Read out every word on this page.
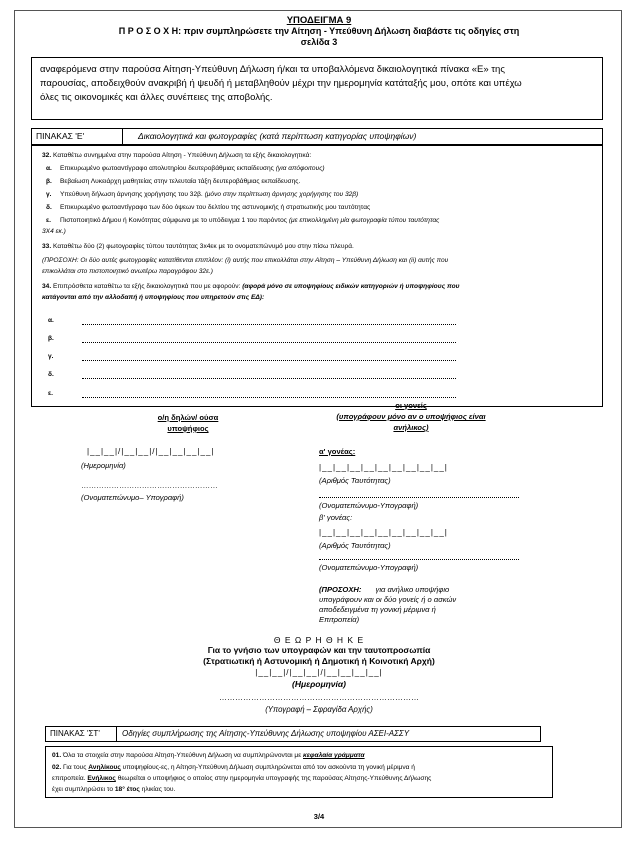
ΥΠΟΔΕΙΓΜΑ 9
Π Ρ Ο Σ Ο Χ Η: πριν συμπληρώσετε την Αίτηση - Υπεύθυνη Δήλωση διαβάστε τις οδηγίες στη
σελίδα 3
αναφερόμενα στην παρούσα Αίτηση-Υπεύθυνη Δήλωση ή/και τα υποβαλλόμενα δικαιολογητικά πίνακα «Ε» της
παρουσίας, αποδειχθούν ανακριβή ή ψευδή ή μεταβληθούν μέχρι την ημερομηνία κατάταξής μου, οπότε και υπέχω
όλες τις οικονομικές και άλλες συνέπειες της αποβολής.
ΠΙΝΑΚΑΣ 'Ε'	Δικαιολογητικά και φωτογραφίες (κατά περίπτωση κατηγορίας υποψηφίων)
32. Καταθέτω συνημμένα στην παρούσα Αίτηση - Υπεύθυνη Δήλωση τα εξής δικαιολογητικά:
α. Επικυρωμένο φωτοαντίγραφο απολυτηρίου δευτεροβάθμιας εκπαίδευσης (για απόφοιτους)
β. Βεβαίωση Λυκειάρχη μαθητείας στην τελευταία τάξη δευτεροβάθμιας εκπαίδευσης.
γ. Υπεύθυνη δήλωση άρνησης χορήγησης του 32β. (μόνο στην περίπτωση άρνησης χορήγησης του 32β)
δ. Επικυρωμένο φωτοαντίγραφο των δύο όψεων του δελτίου της αστυνομικής ή στρατιωτικής μου ταυτότητας
ε. Πιστοποιητικό Δήμου ή Κοινότητας σύμφωνα με το υπόδειγμα 1 του παρόντος (με επικολλημένη μία φωτογραφία τύπου ταυτότητας
3Χ4 εκ.)
33. Καταθέτω δύο (2) φωτογραφίες τύπου ταυτότητας 3x4εκ με το ονοματεπώνυμό μου στην πίσω πλευρά.
(ΠΡΟΣΟΧΗ: Οι δύο αυτές φωτογραφίες κατατίθενται επιπλέον: (i) αυτής που επικολλάται στην Αίτηση – Υπεύθυνη Δήλωση και (ii) αυτής που
επικολλάται στο πιστοποιητικό ανωτέρω παραγράφου 32ε.)
34. Επιπρόσθετα καταθέτω τα εξής δικαιολογητικά που με αφορούν: (αφορά μόνο σε υποψηφίους ειδικών κατηγοριών ή υποψηφίους που
κατάγονται από την αλλοδαπή ή υποψηφίους που υπηρετούν στις ΕΔ):
α.
β.
γ.
δ.
ε.
ο/η δηλών/ ούσα
υποψήφιος
|__|__|/|__|__|/|__|__|__|__|
(Ημερομηνία)
………………………………………………
(Ονοματεπώνυμο– Υπογραφή)
οι γονείς
(υπογράφουν μόνο αν ο υποψήφιος είναι
ανήλικος)
α' γονέας:
|__|__|__|__|__|__|__|__|__|
(Αριθμός Ταυτότητας)
(Ονοματεπώνυμο-Υπογραφή)
β' γονέας:
|__|__|__|__|__|__|__|__|__|
(Αριθμός Ταυτότητας)
(Ονοματεπώνυμο-Υπογραφή)
(ΠΡΟΣΟΧΗ: για ανήλικο υποψήφιο
υπογράφουν και οι δύο γονείς ή ο ασκών
αποδεδειγμένα τη γονική μέριμνα ή
Επιτροπεία)
Θ Ε Ω Ρ Η Θ Η Κ Ε
Για το γνήσιο των υπογραφών και την ταυτοπροσωπία
(Στρατιωτική ή Αστυνομική ή Δημοτική ή Κοινοτική Αρχή)
|__|__|/|__|__|/|__|__|__|__|
(Ημερομηνία)
…………………………………………………………………
(Υπογραφή – Σφραγίδα Αρχής)
ΠΙΝΑΚΑΣ 'ΣΤ'	Οδηγίες συμπλήρωσης της Αίτησης-Υπεύθυνης Δήλωσης υποψηφίου ΑΣΕΙ-ΑΣΣΥ
01. Όλα τα στοιχεία στην παρούσα Αίτηση-Υπεύθυνη Δήλωση να συμπληρώνονται με κεφαλαία γράμματα
02. Για τους Ανηλίκους υποψηφίους-ες, η Αίτηση-Υπεύθυνη Δήλωση συμπληρώνεται από τον ασκούντα τη γονική μέριμνα ή
επιτροπεία. Ενήλικος θεωρείται ο υποψήφιος ο οποίος στην ημερομηνία υπογραφής της παρούσας Αίτησης-Υπεύθυνης Δήλωσης
έχει συμπληρώσει το 18° έτος ηλικίας του.
3/4
